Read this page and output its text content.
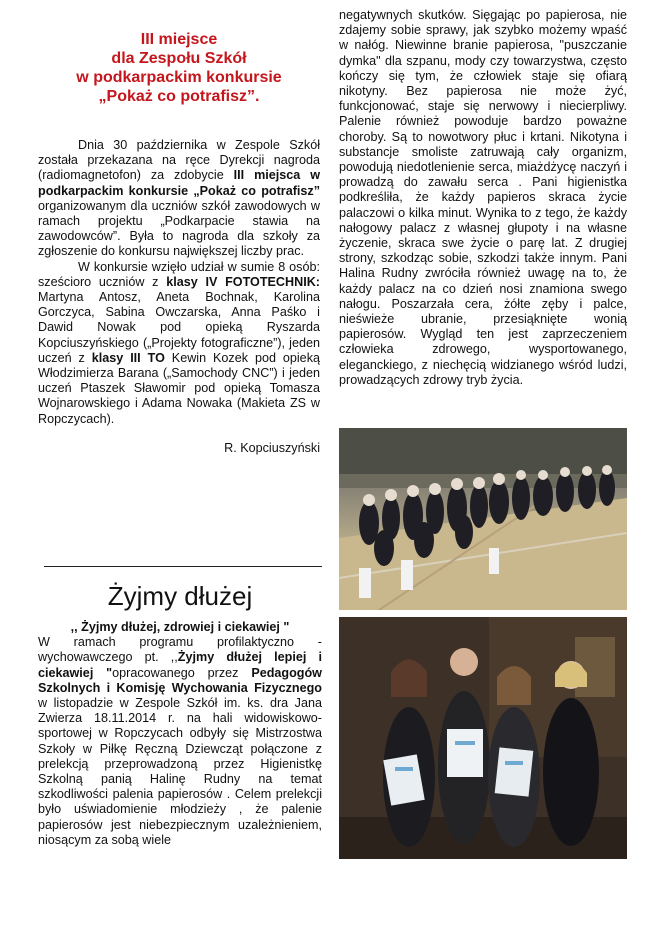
III miejsce

dla Zespołu Szkół

w podkarpackim konkursie

„Pokaż co potrafisz”.

Dnia 30 października w Zespole Szkół została przekazana na ręce Dyrekcji nagroda (radiomagnetofon) za zdobycie III miejsca w podkarpackim konkursie „Pokaż co potrafisz” organizowanym dla uczniów szkół zawodowych w ramach projektu „Podkarpacie stawia na zawodowców”. Była to nagroda dla szkoły za zgłoszenie do konkursu największej liczby prac.

W konkursie wzięło udział w sumie 8 osób: sześcioro uczniów z klasy IV FOTOTECHNIK: Martyna Antosz, Aneta Bochnak, Karolina Gorczyca, Sabina Owczarska, Anna Paśko i Dawid Nowak pod opieką Ryszarda Kopciuszyńskiego („Projekty fotograficzne”), jeden uczeń z klasy III TO Kewin Kozek pod opieką Włodzimierza Barana („Samochody CNC”) i jeden uczeń Ptaszek Sławomir pod opieką Tomasza Wojnarowskiego i Adama Nowaka (Makieta ZS w Ropczycach).

R. Kopciuszyński

Żyjmy dłużej

,, Żyjmy dłużej, zdrowiej i ciekawiej "

W ramach programu profilaktyczno - wychowawczego pt. ,,Żyjmy dłużej lepiej i ciekawiej "opracowanego przez Pedagogów Szkolnych i Komisję Wychowania Fizycznego w listopadzie w Zespole Szkół im. ks. dra Jana Zwierza 18.11.2014 r. na hali widowiskowo-sportowej w Ropczycach odbyły się Mistrzostwa Szkoły w Piłkę Ręczną Dziewcząt połączone z prelekcją przeprowadzoną przez Higienistkę Szkolną panią Halinę Rudny na temat szkodliwości palenia papierosów . Celem prelekcji było uświadomienie młodzieży , że palenie papierosów jest niebezpiecznym uzależnieniem, niosącym za sobą wiele

negatywnych skutków. Sięgając po papierosa, nie zdajemy sobie sprawy, jak szybko możemy wpaść w nałóg. Niewinne branie papierosa, "puszczanie dymka" dla szpanu, mody czy towarzystwa, często kończy się tym, że człowiek staje się ofiarą nikotyny. Bez papierosa nie może żyć, funkcjonować, staje się nerwowy i niecierpliwy. Palenie również powoduje bardzo poważne choroby. Są to nowotwory płuc i krtani. Nikotyna i substancje smoliste zatruwają cały organizm, powodują niedotlenienie serca, miażdżycę naczyń i prowadzą do zawału serca . Pani higienistka podkreśliła, że każdy papieros skraca życie palaczowi o kilka minut. Wynika to z tego, że każdy nałogowy palacz z własnej głupoty i na własne życzenie, skraca swe życie o parę lat. Z drugiej strony, szkodząc sobie, szkodzi także innym. Pani Halina Rudny zwróciła również uwagę na to, że każdy palacz na co dzień nosi znamiona swego nałogu. Poszarzała cera, żółte zęby i palce, nieświeże ubranie, przesiąknięte wonią papierosów. Wygląd ten jest zaprzeczeniem człowieka zdrowego, wysportowanego, eleganckiego, z niechęcią widzianego wśród ludzi, prowadzących zdrowy tryb życia.
